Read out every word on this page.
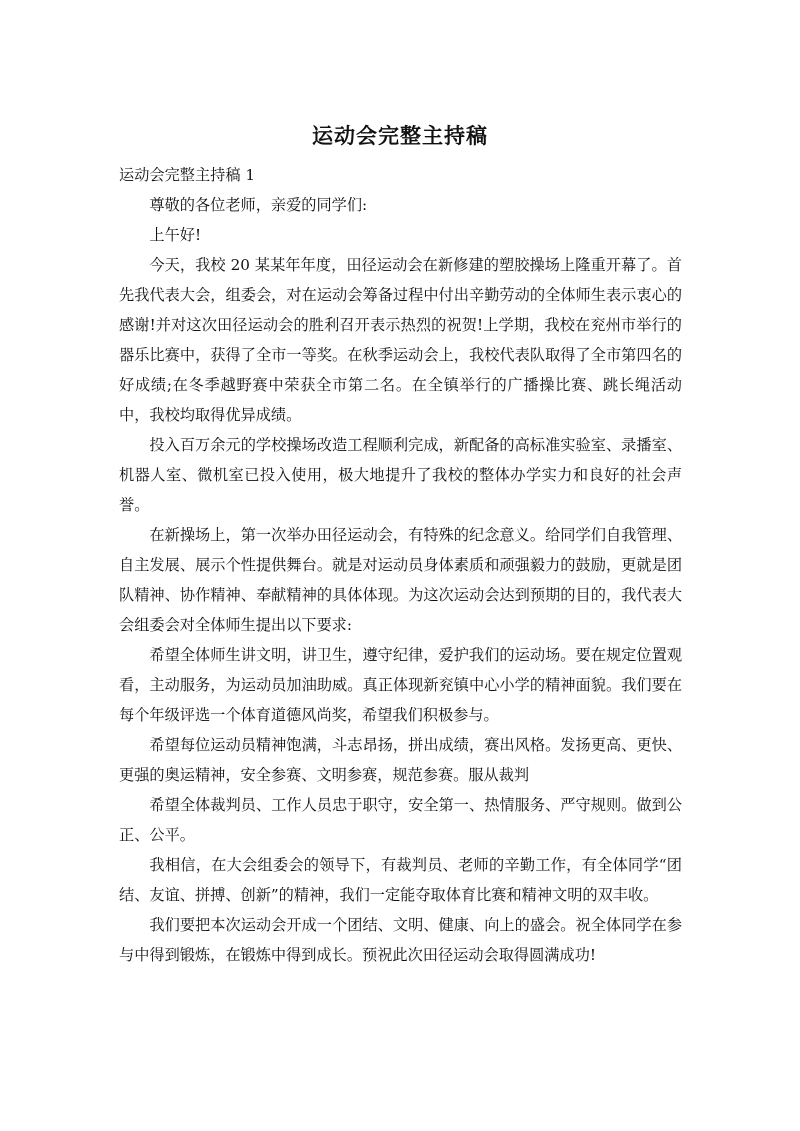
运动会完整主持稿

运动会完整主持稿 1

尊敬的各位老师，亲爱的同学们:

上午好!

今天，我校 20 某某年年度，田径运动会在新修建的塑胶操场上隆重开幕了。首先我代表大会，组委会，对在运动会筹备过程中付出辛勤劳动的全体师生表示衷心的感谢!并对这次田径运动会的胜利召开表示热烈的祝贺!上学期，我校在兖州市举行的器乐比赛中，获得了全市一等奖。在秋季运动会上，我校代表队取得了全市第四名的好成绩;在冬季越野赛中荣获全市第二名。在全镇举行的广播操比赛、跳长绳活动中，我校均取得优异成绩。

投入百万余元的学校操场改造工程顺利完成，新配备的高标准实验室、录播室、机器人室、微机室已投入使用，极大地提升了我校的整体办学实力和良好的社会声誉。

在新操场上，第一次举办田径运动会，有特殊的纪念意义。给同学们自我管理、自主发展、展示个性提供舞台。就是对运动员身体素质和顽强毅力的鼓励，更就是团队精神、协作精神、奉献精神的具体体现。为这次运动会达到预期的目的，我代表大会组委会对全体师生提出以下要求:

希望全体师生讲文明，讲卫生，遵守纪律，爱护我们的运动场。要在规定位置观看，主动服务，为运动员加油助威。真正体现新兖镇中心小学的精神面貌。我们要在每个年级评选一个体育道德风尚奖，希望我们积极参与。

希望每位运动员精神饱满，斗志昂扬，拼出成绩，赛出风格。发扬更高、更快、更强的奥运精神，安全参赛、文明参赛，规范参赛。服从裁判

希望全体裁判员、工作人员忠于职守，安全第一、热情服务、严守规则。做到公正、公平。

我相信，在大会组委会的领导下，有裁判员、老师的辛勤工作，有全体同学“团结、友谊、拼搏、创新”的精神，我们一定能夺取体育比赛和精神文明的双丰收。

我们要把本次运动会开成一个团结、文明、健康、向上的盛会。祝全体同学在参与中得到锻炼，在锻炼中得到成长。预祝此次田径运动会取得圆满成功!
